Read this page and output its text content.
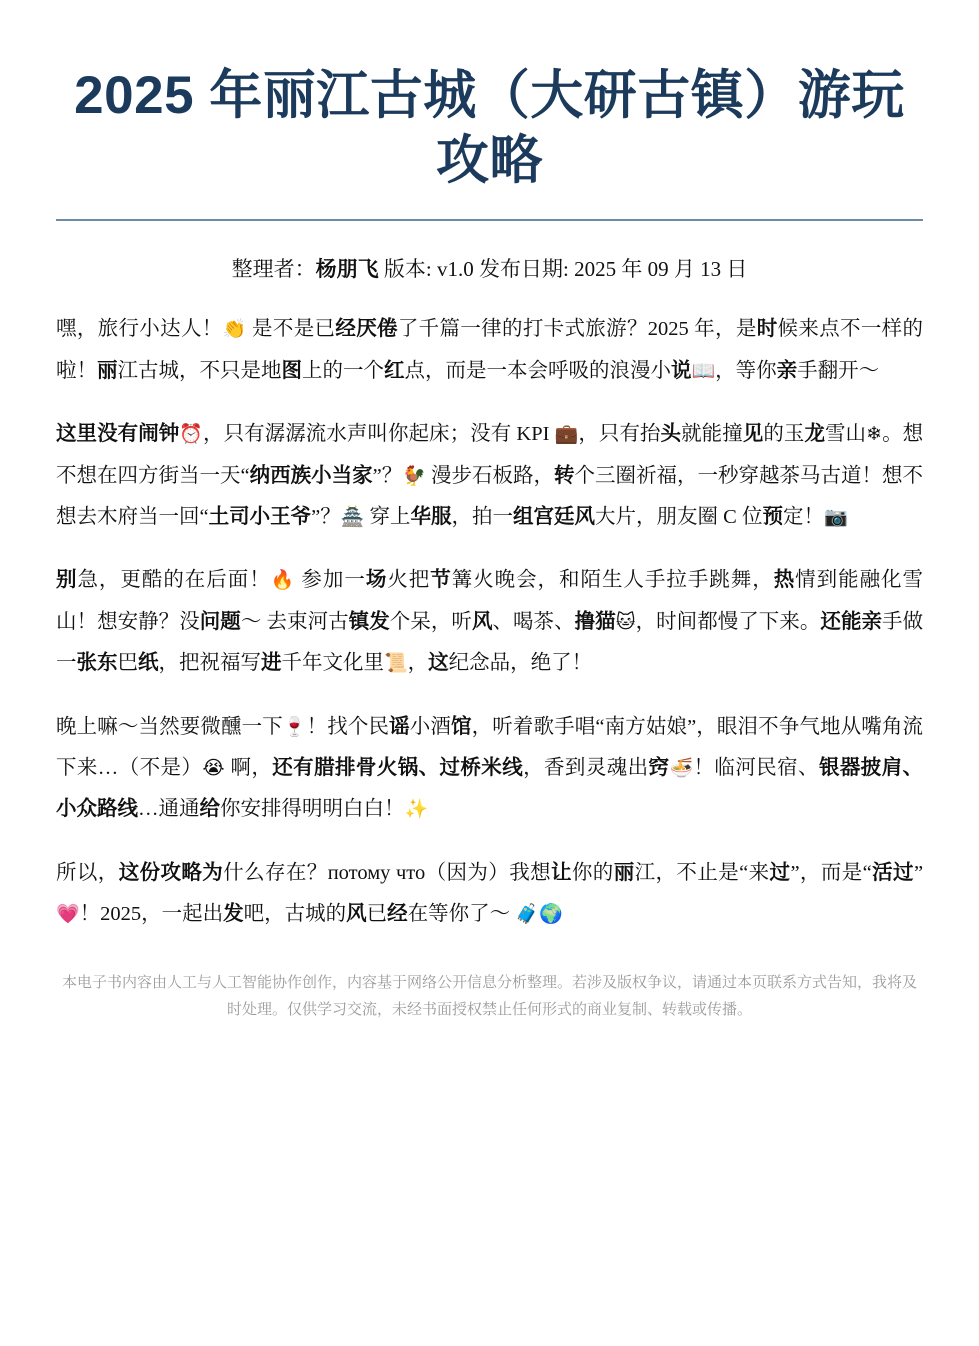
2025 年丽江古城（大研古镇）游玩攻略
整理者：杨朋飞 版本: v1.0 发布日期: 2025 年 09 月 13 日

嘿，旅行小达人！👏 是不是已经厌倦了千篇一律的打卡式旅游？2025 年，是时候来点不一样的啦！丽江古城，不只是地图上的一个红点，而是一本会呼吸的浪漫小说📖，等你亲手翻开～

这里没有闹钟⏰，只有潺潺流水声叫你起床；没有 KPI 💼，只有抬头就能撞见的玉龙雪山❄。想不想在四方街当一天“纳西族小当家”？🐓 漫步石板路，转个三圈祈福，一秒穿越茶马古道！想不想去木府当一回“土司小王爷”？🏯 穿上华服，拍一组宫廷风大片，朋友圈 C 位预定！📷

别急，更酷的在后面！🔥 参加一场火把节篝火晚会，和陌生人手拉手跳舞，热情到能融化雪山！想安静？没问题～ 去束河古镇发个呆，听风、喝茶、撸猫🐱，时间都慢了下来。还能亲手做一张东巴纸，把祝福写进千年文化里📜，这纪念品，绝了！

晚上嘛～当然要微醺一下🍷！找个民谣小酒馆，听着歌手唱“南方姑娘”，眼泪不争气地从嘴角流下来…（不是）😭 啊，还有腊排骨火锅、过桥米线，香到灵魂出窍🍜！临河民宿、银器披肩、小众路线…通通给你安排得明明白白！✨

所以，这份攻略为什么存在？потому что（因为）我想让你的丽江，不止是“来过”，而是“活过”💗！2025，一起出发吧，古城的风已经在等你了～ 🧳🌍

本电子书内容由人工与人工智能协作创作，内容基于网络公开信息分析整理。若涉及版权争议，请通过本页联系方式告知，我将及时处理。仅供学习交流，未经书面授权禁止任何形式的商业复制、转载或传播。
